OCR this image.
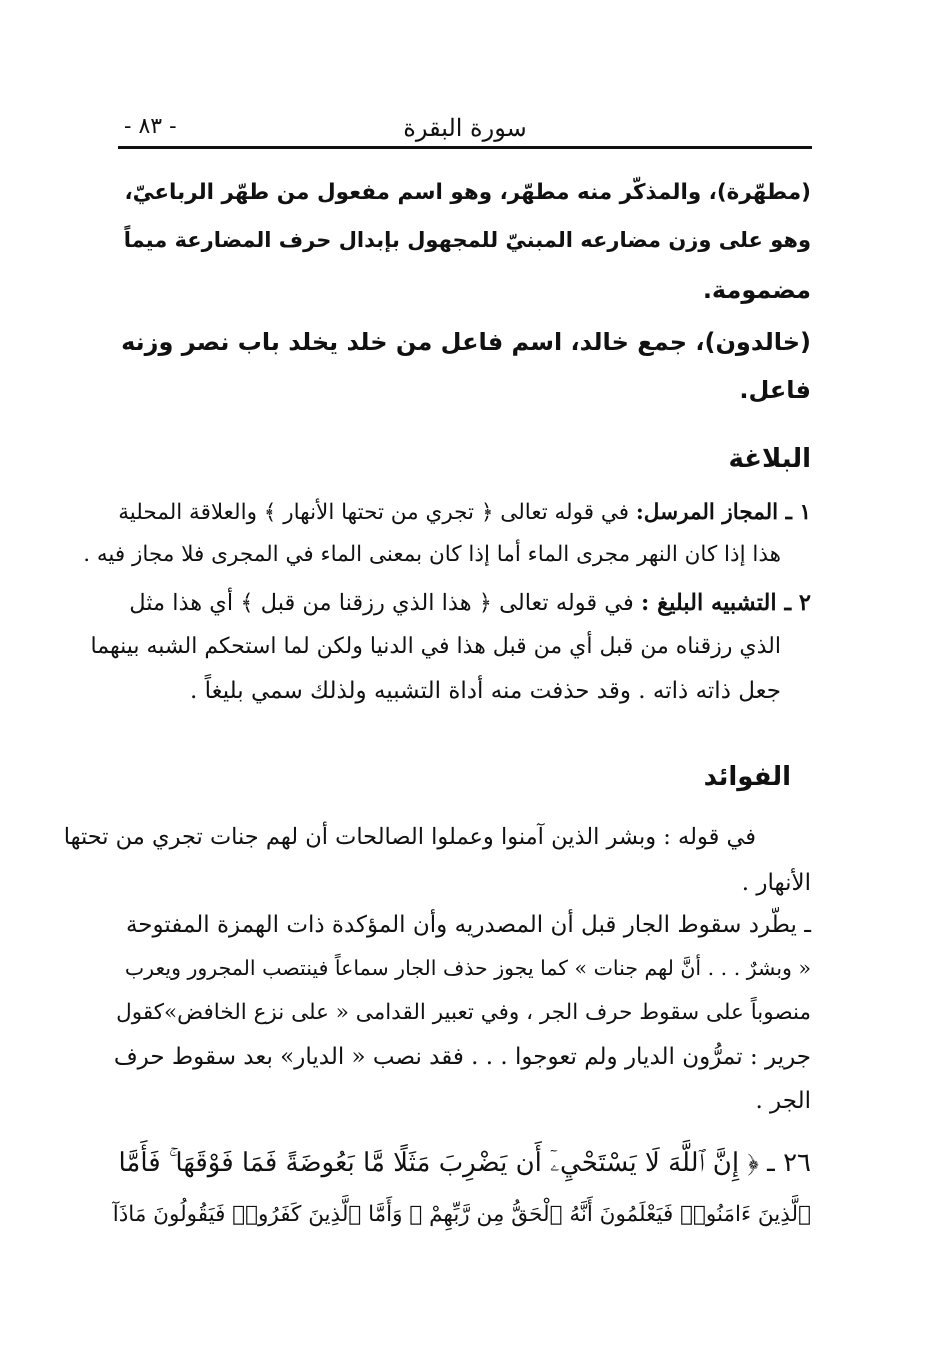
سورة البقرة
- ٨٣ -
(مطهّرة)، والمذكّر منه مطهّر، وهو اسم مفعول من طهّر الرباعيّ،
وهو على وزن مضارعه المبنيّ للمجهول بإبدال حرف المضارعة ميماً
مضمومة.
(خالدون)، جمع خالد، اسم فاعل من خلد يخلد باب نصر وزنه
فاعل.
البلاغة
١ ـ المجاز المرسل: في قوله تعالى ﴿ تجري من تحتها الأنهار ﴾ والعلاقة المحلية
هذا إذا كان النهر مجرى الماء أما إذا كان بمعنى الماء في المجرى فلا مجاز فيه .
٢ ـ التشبيه البليغ : في قوله تعالى ﴿ هذا الذي رزقنا من قبل ﴾ أي هذا مثل
الذي رزقناه من قبل أي من قبل هذا في الدنيا ولكن لما استحكم الشبه بينهما
جعل ذاته ذاته . وقد حذفت منه أداة التشبيه ولذلك سمي بليغاً .
الفوائد
في قوله : وبشر الذين آمنوا وعملوا الصالحات أن لهم جنات تجري من تحتها
الأنهار .
ـ يطّرد سقوط الجار قبل أن المصدريه وأن المؤكدة ذات الهمزة المفتوحة
« وبشرٌ . . . أنَّ لهم جنات » كما يجوز حذف الجار سماعاً فينتصب المجرور ويعرب
منصوباً على سقوط حرف الجر ، وفي تعبير القدامى « على نزع الخافض»كقول
جرير : تمرُّون الديار ولم تعوجوا . . . فقد نصب « الديار» بعد سقوط حرف
الجر .
٢٦ ـ ﴿ إِنَّ ٱللَّهَ لَا يَسْتَحْيِۦٓ أَن يَضْرِبَ مَثَلًا مَّا بَعُوضَةً فَمَا فَوْقَهَا ۚ فَأَمَّا
ٱلَّذِينَ ءَامَنُوا۟ فَيَعْلَمُونَ أَنَّهُ ٱلْحَقُّ مِن رَّبِّهِمْ ۖ وَأَمَّا ٱلَّذِينَ كَفَرُوا۟ فَيَقُولُونَ مَاذَآ
